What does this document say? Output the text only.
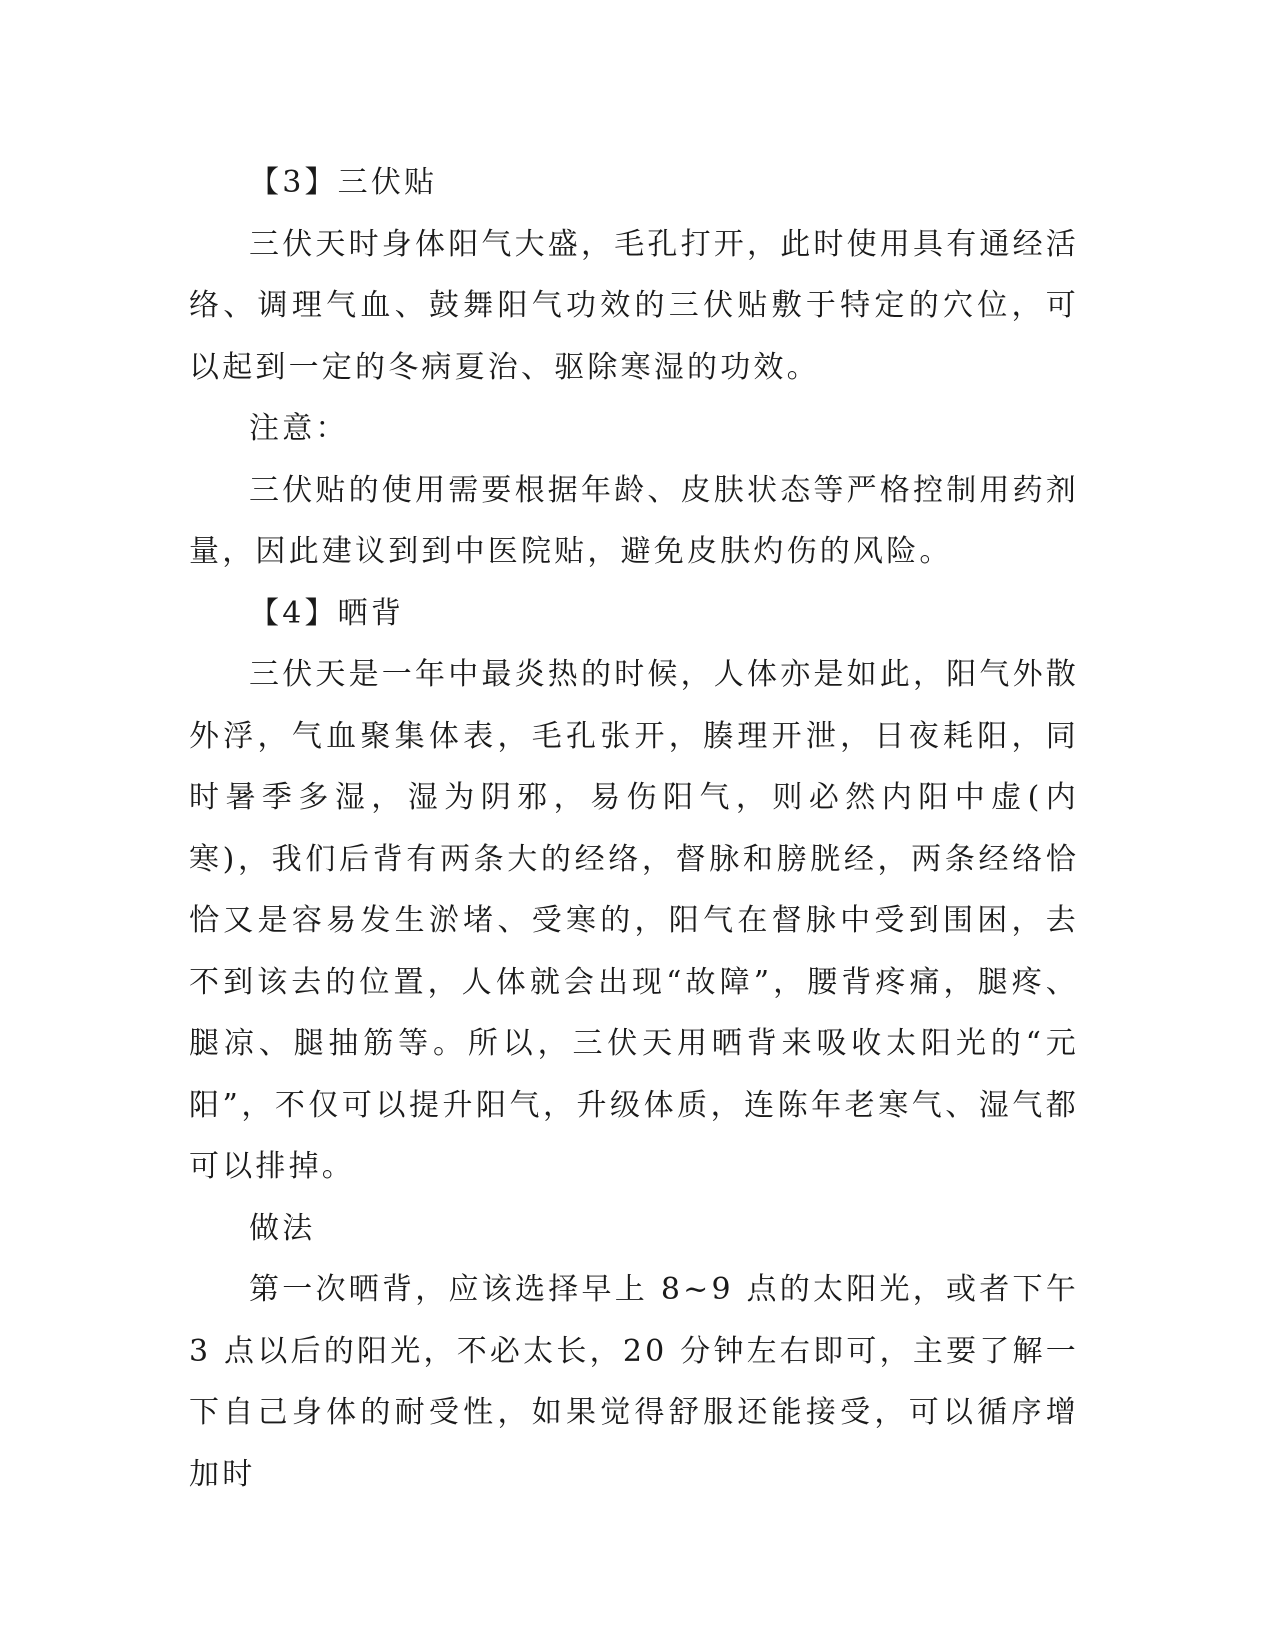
【3】三伏贴

三伏天时身体阳气大盛，毛孔打开，此时使用具有通经活络、调理气血、鼓舞阳气功效的三伏贴敷于特定的穴位，可以起到一定的冬病夏治、驱除寒湿的功效。

注意：

三伏贴的使用需要根据年龄、皮肤状态等严格控制用药剂量，因此建议到到中医院贴，避免皮肤灼伤的风险。

【4】晒背

三伏天是一年中最炎热的时候，人体亦是如此，阳气外散外浮，气血聚集体表，毛孔张开，腠理开泄，日夜耗阳，同时暑季多湿，湿为阴邪，易伤阳气，则必然内阳中虚(内寒)，我们后背有两条大的经络，督脉和膀胱经，两条经络恰恰又是容易发生淤堵、受寒的，阳气在督脉中受到围困，去不到该去的位置，人体就会出现“故障”，腰背疼痛，腿疼、腿凉、腿抽筋等。所以，三伏天用晒背来吸收太阳光的“元阳”，不仅可以提升阳气，升级体质，连陈年老寒气、湿气都可以排掉。

做法

第一次晒背，应该选择早上 8~9 点的太阳光，或者下午 3 点以后的阳光，不必太长，20 分钟左右即可，主要了解一下自己身体的耐受性，如果觉得舒服还能接受，可以循序增加时
